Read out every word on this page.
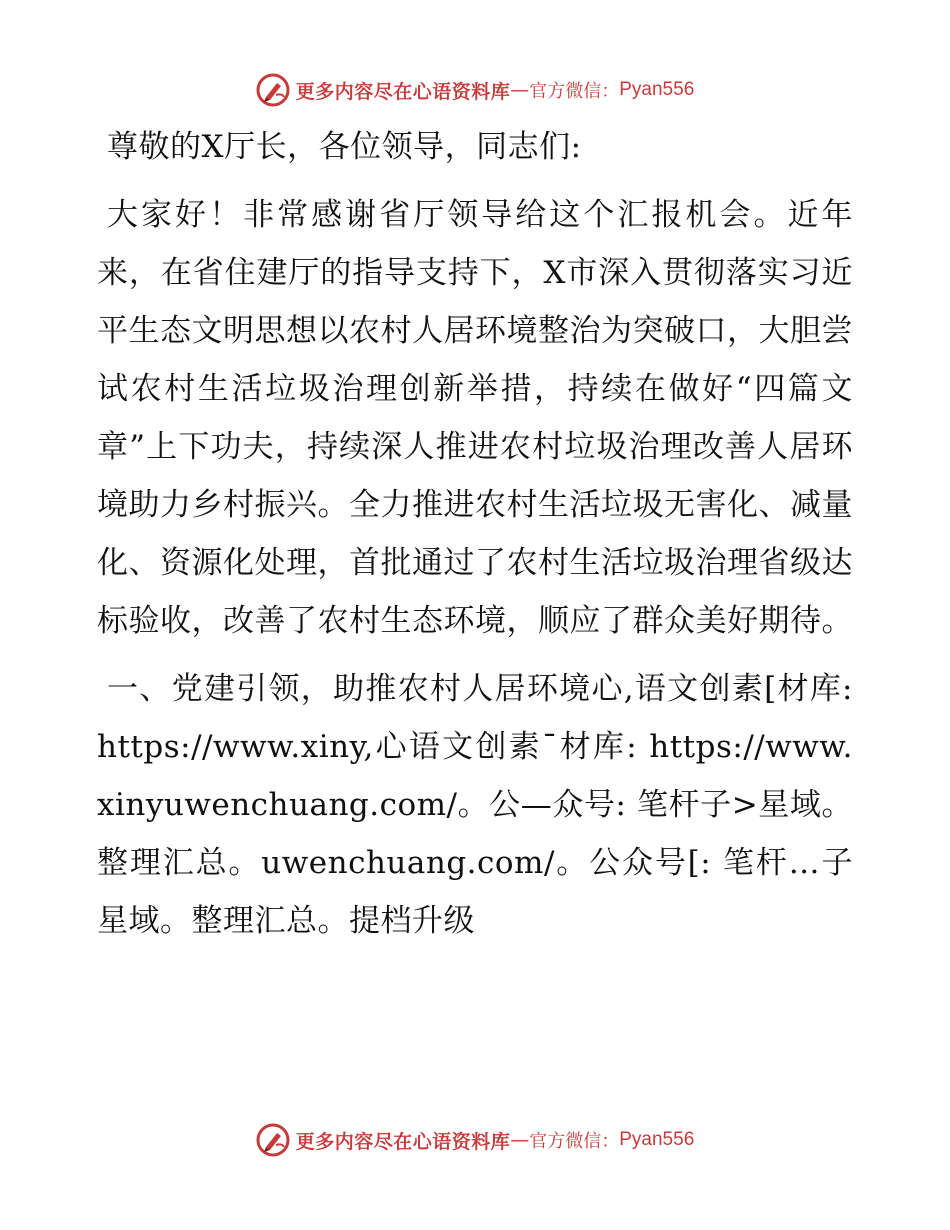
更多内容尽在心语资料库 — 官方微信： Pyan556

尊敬的X厅长，各位领导，同志们:

大家好！非常感谢省厅领导给这个汇报机会。近年来，在省住建厅的指导支持下，X市深入贯彻落实习近平生态文明思想以农村人居环境整治为突破口，大胆尝试农村生活垃圾治理创新举措，持续在做好“四篇文章”上下功夫，持续深人推进农村垃圾治理改善人居环境助力乡村振兴。全力推进农村生活垃圾无害化、减量化、资源化处理，首批通过了农村生活垃圾治理省级达标验收，改善了农村生态环境，顺应了群众美好期待。

一、党建引领，助推农村人居环境心,语文创素[材库: https://www.xiny,心语文创素¯材库: https://www.xinyuwenchuang.com/。公—众号: 笔杆子>星域。整理汇总。uwenchuang.com/。公众号[: 笔杆…子星域。整理汇总。提档升级

更多内容尽在心语资料库 — 官方微信： Pyan556
